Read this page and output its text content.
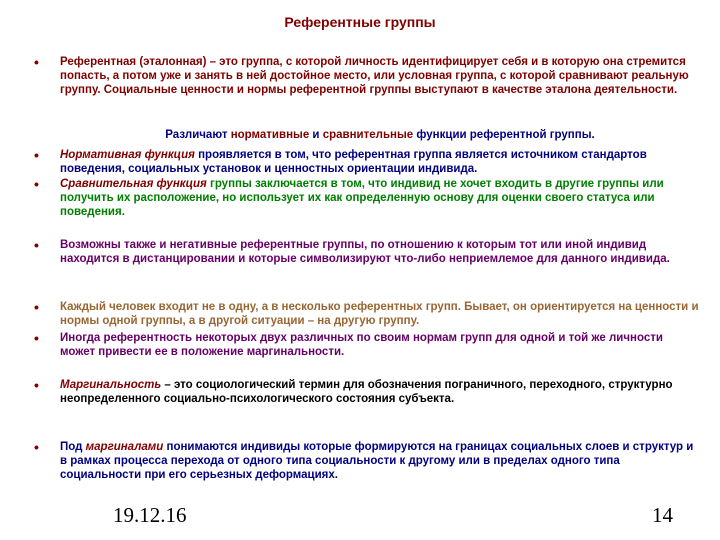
Референтные группы
• Референтная (эталонная) – это группа, с которой личность идентифицирует себя и в которую она стремится попасть, а потом уже и занять в ней достойное место, или условная группа, с которой сравнивают реальную группу. Социальные ценности и нормы референтной группы выступают в качестве эталона деятельности.
Различают нормативные и сравнительные функции референтной группы.
• Нормативная функция проявляется в том, что референтная группа является источником стандартов поведения, социальных установок и ценностных ориентации индивида.
• Сравнительная функция группы заключается в том, что индивид не хочет входить в другие группы или получить их расположение, но использует их как определенную основу для оценки своего статуса или поведения.
• Возможны также и негативные референтные группы, по отношению к которым тот или иной индивид находится в дистанцировании и которые символизируют что-либо неприемлемое для данного индивида.
• Каждый человек входит не в одну, а в несколько референтных групп. Бывает, он ориентируется на ценности и нормы одной группы, а в другой ситуации – на другую группу.
• Иногда референтность некоторых двух различных по своим нормам групп для одной и той же личности может привести ее в положение маргинальности.
• Маргинальность – это социологический термин для обозначения пограничного, переходного, структурно неопределенного социально-психологического состояния субъекта.
• Под маргиналами понимаются индивиды которые формируются на границах социальных слоев и структур и в рамках процесса перехода от одного типа социальности к другому или в пределах одного типа социальности при его серьезных деформациях.
19.12.16	14
